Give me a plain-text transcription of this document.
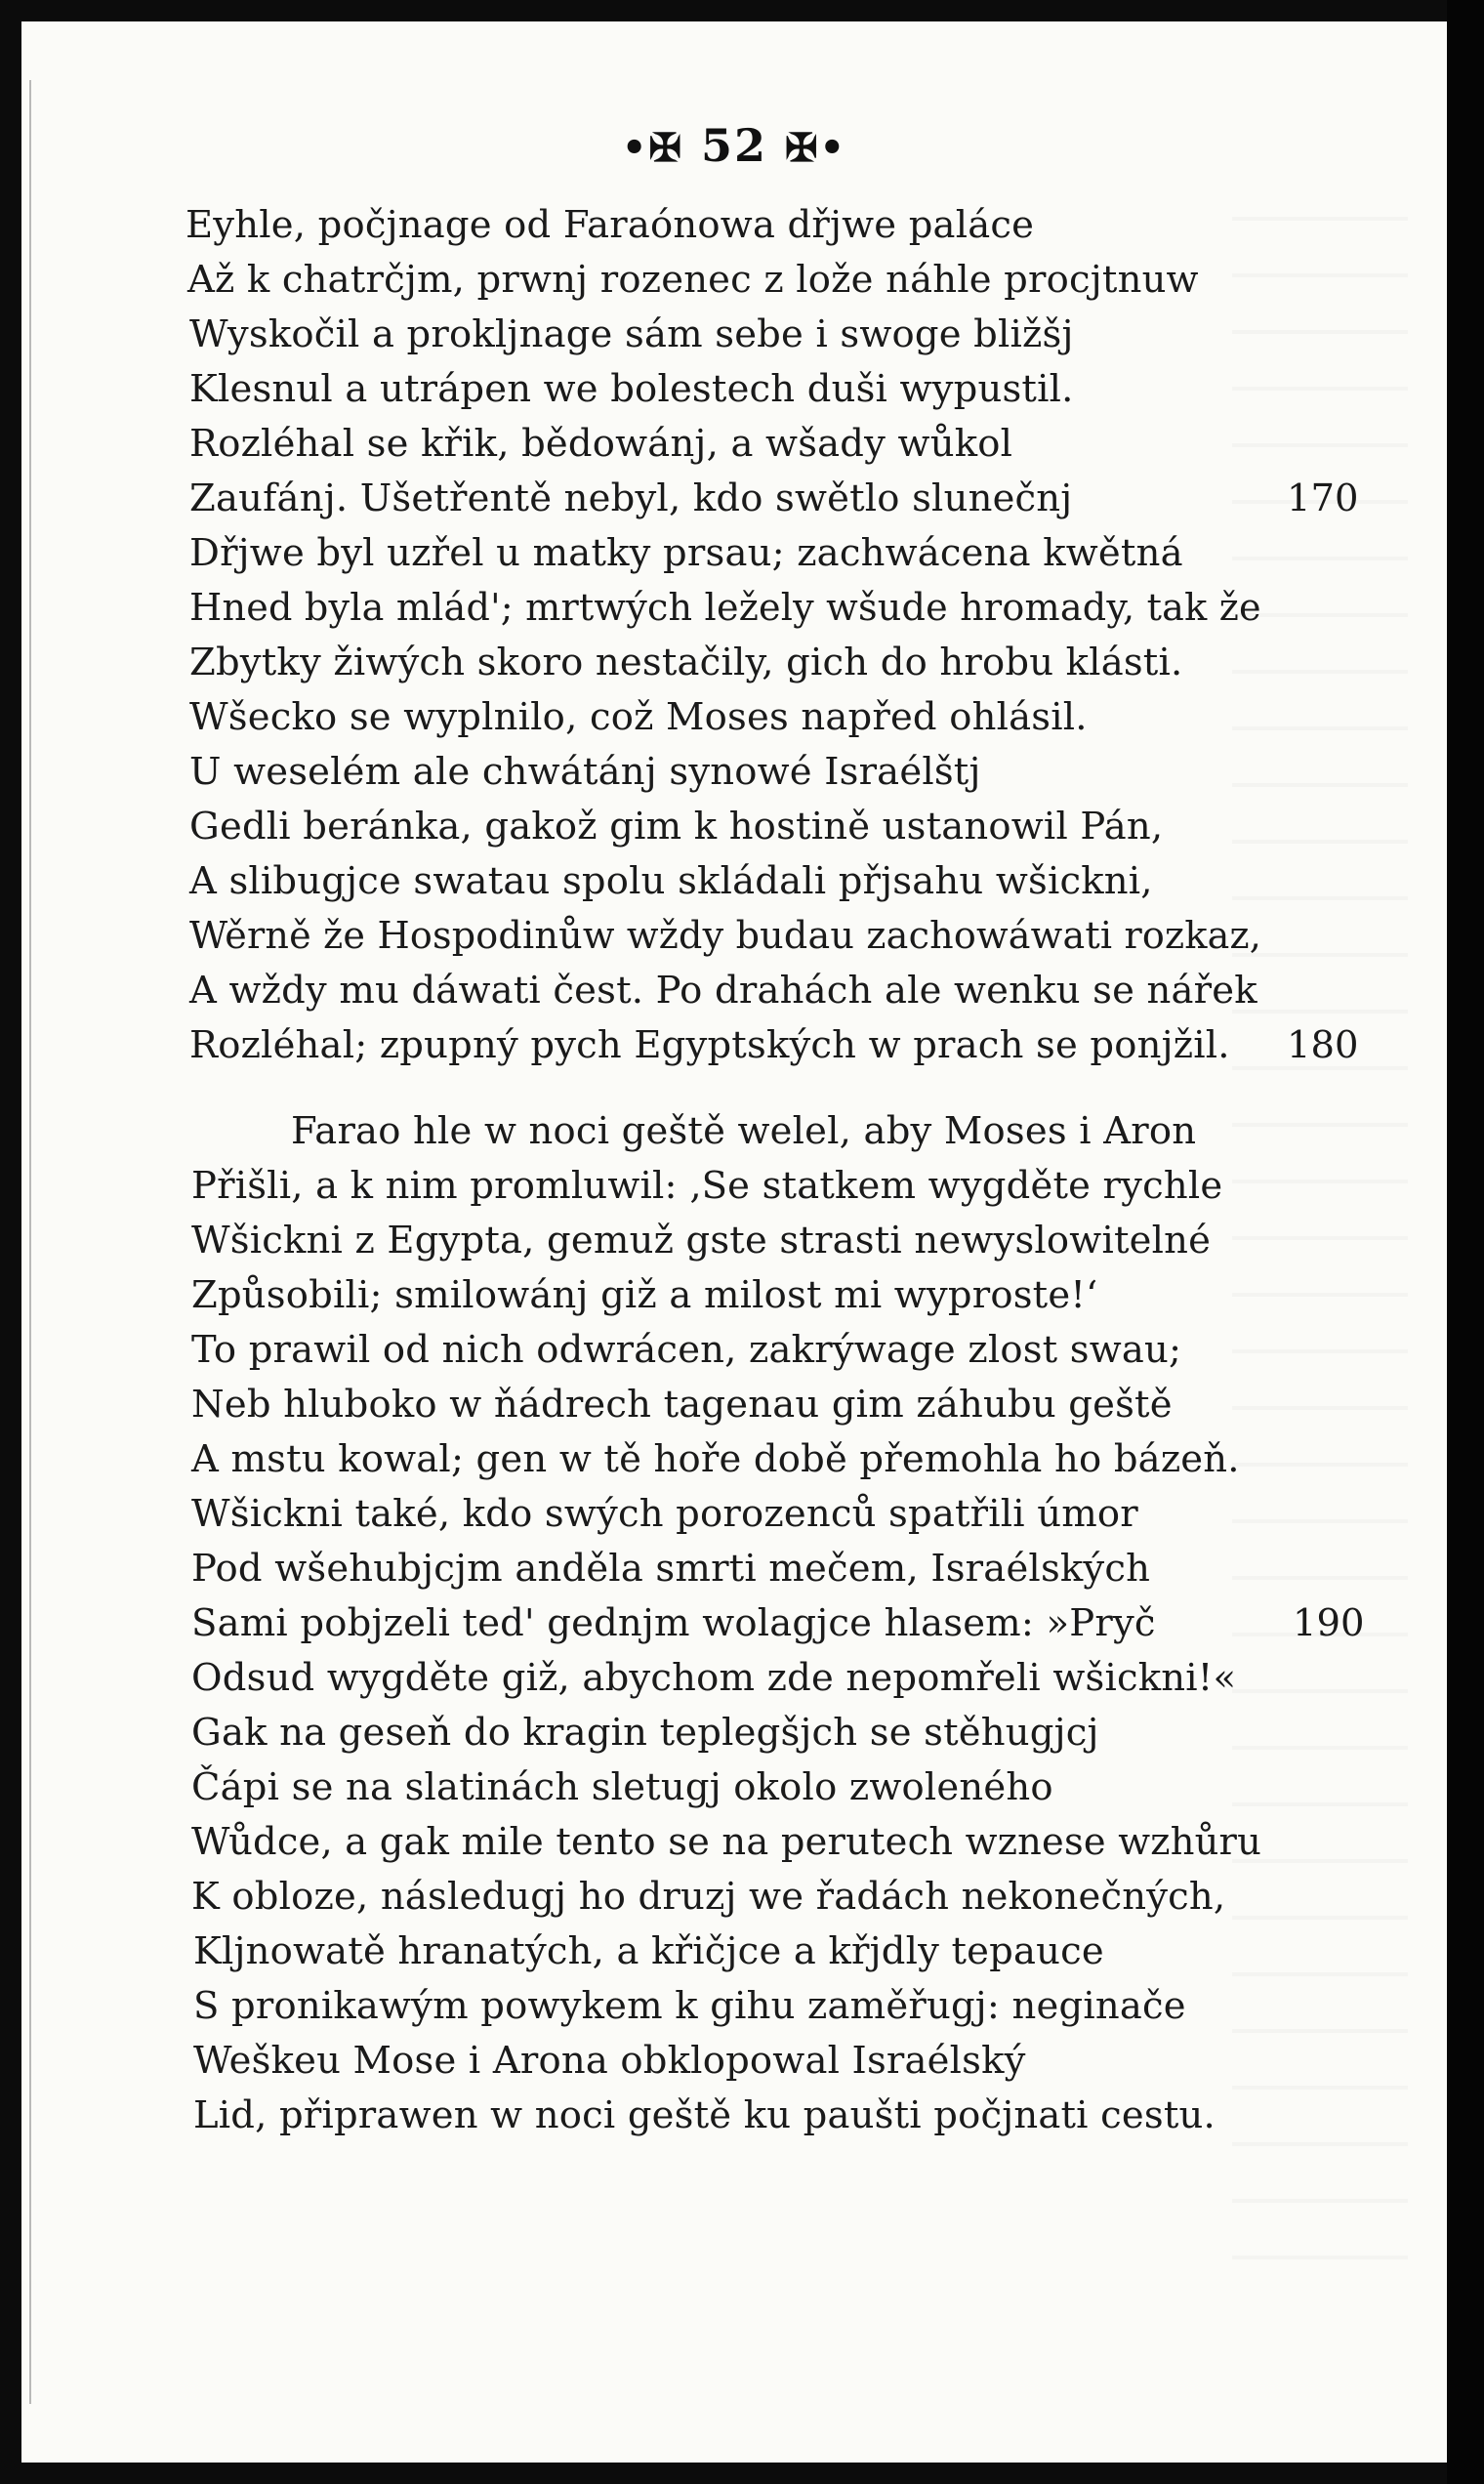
•✠ 52 ✠•
Eyhle, počjnage od Faraónowa dřjwe paláce
Až k chatrčjm, prwnj rozenec z lože náhle procjtnuw
Wyskočil a prokljnage sám sebe i swoge bližšj
Klesnul a utrápen we bolestech duši wypustil.
Rozléhal se křik, bědowánj, a wšady wůkol
Zaufánj. Ušetřentě nebyl, kdo swětlo slunečnj
Dřjwe byl uzřel u matky prsau; zachwácena kwětná
Hned byla mlád'; mrtwých ležely wšude hromady, tak že
Zbytky žiwých skoro nestačily, gich do hrobu klásti.
Wšecko se wyplnilo, což Moses napřed ohlásil.
U weselém ale chwátánj synowé Israélštj
Gedli beránka, gakož gim k hostině ustanowil Pán,
A slibugjce swatau spolu skládali přjsahu wšickni,
Wěrně že Hospodinůw wždy budau zachowáwati rozkaz,
A wždy mu dáwati čest. Po drahách ale wenku se nářek
Rozléhal; zpupný pych Egyptských w prach se ponjžil.
170
180
Farao hle w noci geště welel, aby Moses i Aron
Přišli, a k nim promluwil: ‚Se statkem wygděte rychle
Wšickni z Egypta, gemuž gste strasti newyslowitelné
Způsobili; smilowánj giž a milost mi wyproste!‘
To prawil od nich odwrácen, zakrýwage zlost swau;
Neb hluboko w ňádrech tagenau gim záhubu geště
A mstu kowal; gen w tě hoře době přemohla ho bázeň.
Wšickni také, kdo swých porozenců spatřili úmor
Pod wšehubjcjm anděla smrti mečem, Israélských
Sami pobjzeli ted' gednjm wolagjce hlasem: »Pryč
Odsud wygděte giž, abychom zde nepomřeli wšickni!«
Gak na geseň do kragin teplegšjch se stěhugjcj
Čápi se na slatinách sletugj okolo zwoleného
Wůdce, a gak mile tento se na perutech wznese wzhůru
K obloze, následugj ho druzj we řadách nekonečných,
Kljnowatě hranatých, a křičjce a křjdly tepauce
S pronikawým powykem k gihu zaměřugj: neginače
Weškeu Mose i Arona obklopowal Israélský
Lid, připrawen w noci geště ku paušti počjnati cestu.
190
